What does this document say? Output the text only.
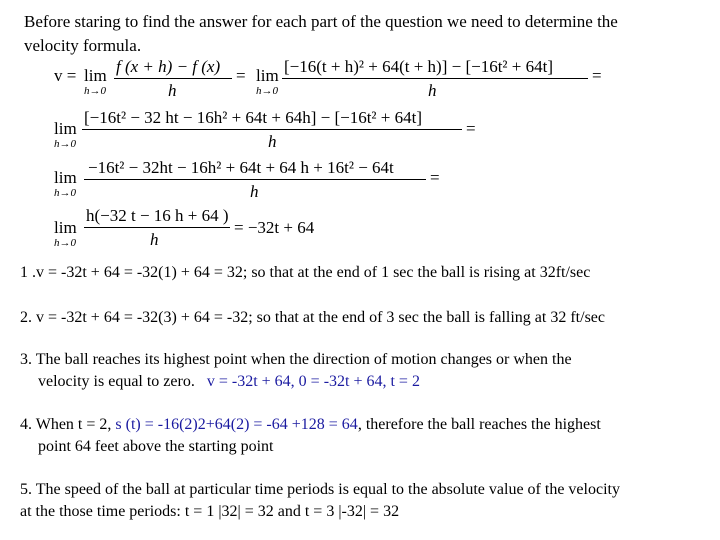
Before staring to find the answer for each part of the question we need to determine the
velocity formula.
v = lim
h→0
f (x + h) − f (x)
h
= lim
h→0
[−16(t + h)² + 64(t + h)] − [−16t² + 64t]
h
=
lim
h→0
[−16t² − 32 ht − 16h² + 64t + 64h] − [−16t² + 64t]
h
=
lim
h→0
−16t² − 32ht − 16h² + 64t + 64 h + 16t² − 64t
h
=
lim
h→0
h(−32 t − 16 h + 64 )
h
= −32t + 64
1 .v = -32t + 64 = -32(1) + 64 = 32; so that at the end of 1 sec the ball is rising at 32ft/sec
2. v = -32t + 64 = -32(3) + 64 = -32; so that at the end of 3 sec the ball is falling at 32 ft/sec
3. The ball reaches its highest point when the direction of motion changes or when the
velocity is equal to zero. v = -32t + 64, 0 = -32t + 64, t = 2
4. When t = 2, s (t) = -16(2)2+64(2) = -64 +128 = 64, therefore the ball reaches the highest
point 64 feet above the starting point
5. The speed of the ball at particular time periods is equal to the absolute value of the velocity
at the those time periods: t = 1 |32| = 32 and t = 3 |-32| = 32
